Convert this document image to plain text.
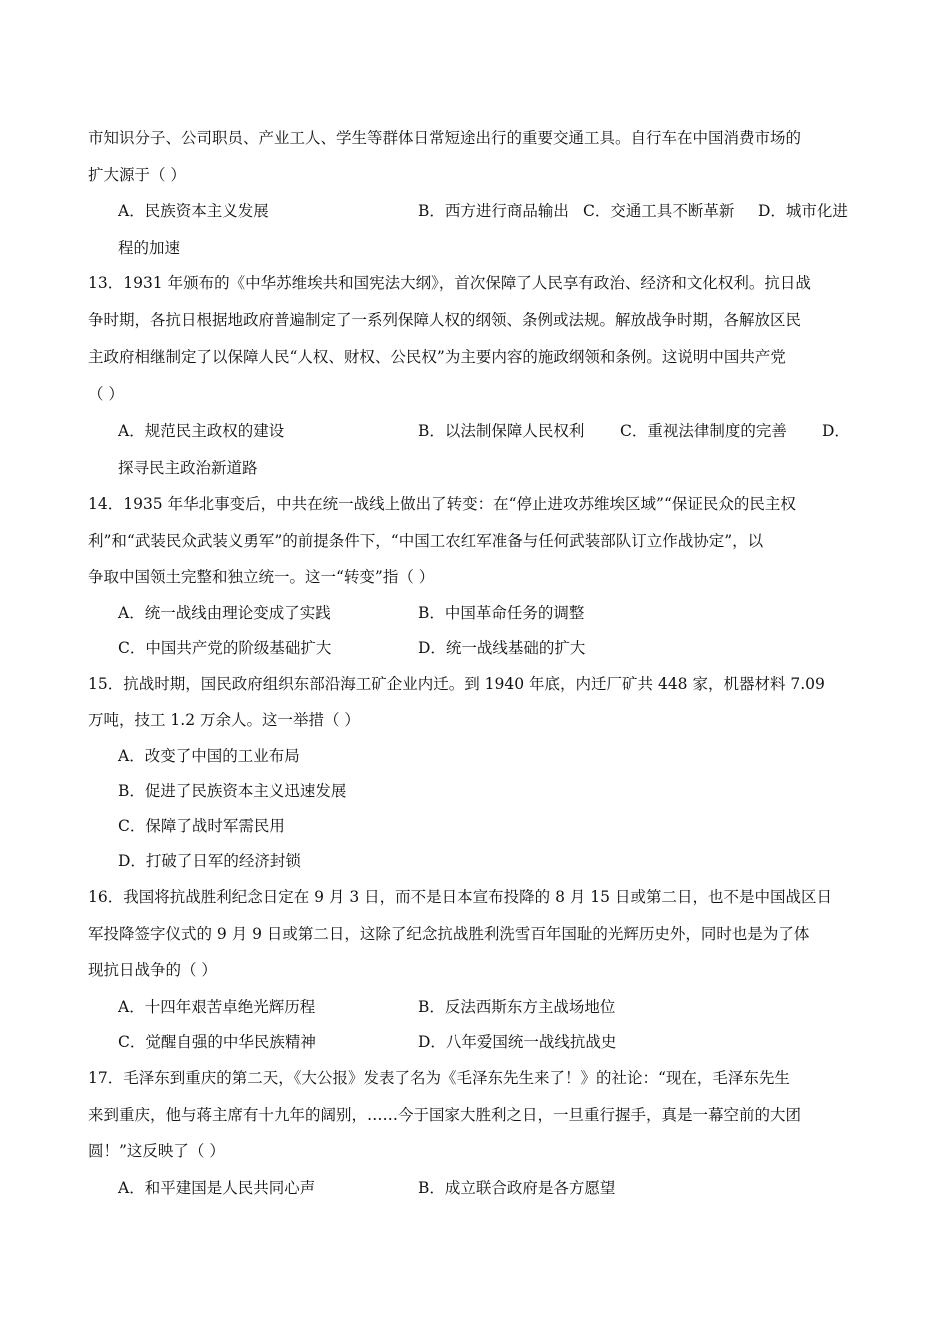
市知识分子、公司职员、产业工人、学生等群体日常短途出行的重要交通工具。自行车在中国消费市场的
扩大源于（ ）
A．民族资本主义发展	B．西方进行商品输出 C．交通工具不断革新 D．城市化进
程的加速
13．1931 年颁布的《中华苏维埃共和国宪法大纲》，首次保障了人民享有政治、经济和文化权利。抗日战
争时期，各抗日根据地政府普遍制定了一系列保障人权的纲领、条例或法规。解放战争时期，各解放区民
主政府相继制定了以保障人民“人权、财权、公民权”为主要内容的施政纲领和条例。这说明中国共产党
（ ）
A．规范民主政权的建设	B．以法制保障人民权利 C．重视法律制度的完善 D．
探寻民主政治新道路
14．1935 年华北事变后，中共在统一战线上做出了转变：在“停止进攻苏维埃区域”“保证民众的民主权
利”和“武装民众武装义勇军”的前提条件下，“中国工农红军准备与任何武装部队订立作战协定”，以
争取中国领土完整和独立统一。这一“转变”指（ ）
A．统一战线由理论变成了实践	B．中国革命任务的调整
C．中国共产党的阶级基础扩大	D．统一战线基础的扩大
15．抗战时期，国民政府组织东部沿海工矿企业内迁。到 1940 年底，内迁厂矿共 448 家，机器材料 7.09
万吨，技工 1.2 万余人。这一举措（ ）
A．改变了中国的工业布局
B．促进了民族资本主义迅速发展
C．保障了战时军需民用
D．打破了日军的经济封锁
16．我国将抗战胜利纪念日定在 9 月 3 日，而不是日本宣布投降的 8 月 15 日或第二日，也不是中国战区日
军投降签字仪式的 9 月 9 日或第二日，这除了纪念抗战胜利洗雪百年国耻的光辉历史外，同时也是为了体
现抗日战争的（ ）
A．十四年艰苦卓绝光辉历程	B．反法西斯东方主战场地位
C．觉醒自强的中华民族精神	D．八年爱国统一战线抗战史
17．毛泽东到重庆的第二天，《大公报》发表了名为《毛泽东先生来了！》的社论：“现在，毛泽东先生
来到重庆，他与蒋主席有十九年的阔别，……今于国家大胜利之日，一旦重行握手，真是一幕空前的大团
圆！”这反映了（ ）
A．和平建国是人民共同心声	B．成立联合政府是各方愿望
